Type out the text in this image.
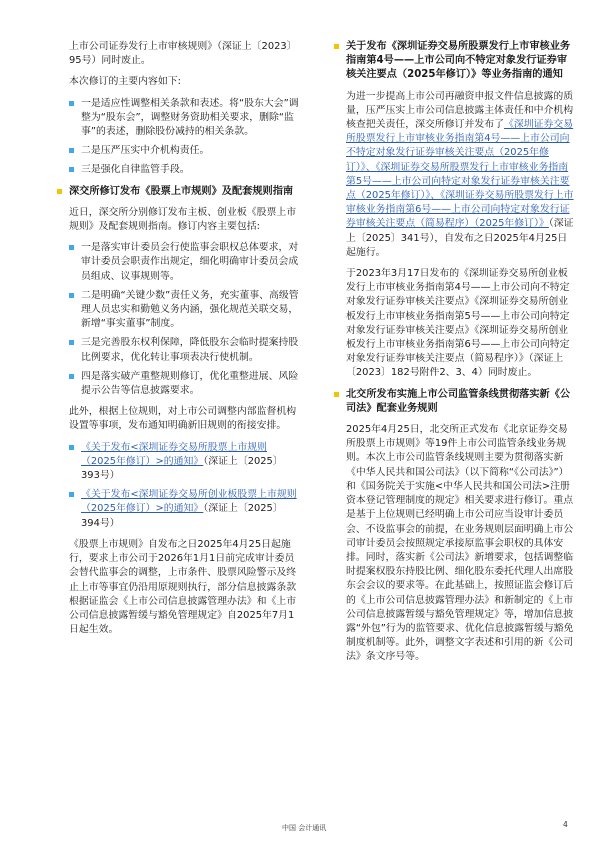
上市公司证券发行上市审核规则》（深证上〔2023〕95号）同时废止。

本次修订的主要内容如下:

一是适应性调整相关条款和表述。将“股东大会”调整为“股东会”，调整财务资助相关要求，删除“监事”的表述，删除股份减持的相关条款。
二是压严压实中介机构责任。
三是强化自律监管手段。
深交所修订发布《股票上市规则》及配套规则指南

近日，深交所分别修订发布主板、创业板《股票上市规则》及配套规则指南。修订内容主要包括:

一是落实审计委员会行使监事会职权总体要求，对审计委员会职责作出规定，细化明确审计委员会成员组成、议事规则等。
二是明确“关键少数”责任义务，充实董事、高级管理人员忠实和勤勉义务内涵，强化规范关联交易，新增“事实董事”制度。
三是完善股东权利保障，降低股东会临时提案持股比例要求，优化转让事项表决行使机制。
四是落实破产重整规则修订，优化重整进展、风险提示公告等信息披露要求。

此外，根据上位规则，对上市公司调整内部监督机构设置等事项，发布通知明确新旧规则的衔接安排。

《关于发布<深圳证券交易所股票上市规则（2025年修订）>的通知》（深证上〔2025〕393号）
《关于发布<深圳证券交易所创业板股票上市规则（2025年修订）>的通知》（深证上〔2025〕394号）

《股票上市规则》自发布之日2025年4月25日起施行，要求上市公司于2026年1月1日前完成审计委员会替代监事会的调整，上市条件、股票风险警示及终止上市等事宜仍沿用原规则执行，部分信息披露条款根据证监会《上市公司信息披露管理办法》和《上市公司信息披露暂缓与豁免管理规定》自2025年7月1日起生效。

关于发布《深圳证券交易所股票发行上市审核业务指南第4号——上市公司向不特定对象发行证券审核关注要点（2025年修订）》等业务指南的通知

为进一步提高上市公司再融资申报文件信息披露的质量，压严压实上市公司信息披露主体责任和中介机构核查把关责任，深交所修订并发布了《深圳证券交易所股票发行上市审核业务指南第4号——上市公司向不特定对象发行证券审核关注要点（2025年修订）》、《深圳证券交易所股票发行上市审核业务指南第5号——上市公司向特定对象发行证券审核关注要点（2025年修订）》、《深圳证券交易所股票发行上市审核业务指南第6号——上市公司向特定对象发行证券审核关注要点（简易程序）（2025年修订）》（深证上〔2025〕341号），自发布之日2025年4月25日起施行。

于2023年3月17日发布的《深圳证券交易所创业板发行上市审核业务指南第4号——上市公司向不特定对象发行证券审核关注要点》《深圳证券交易所创业板发行上市审核业务指南第5号——上市公司向特定对象发行证券审核关注要点》《深圳证券交易所创业板发行上市审核业务指南第6号——上市公司向特定对象发行证券审核关注要点（简易程序）》（深证上〔2023〕182号附件2、3、4）同时废止。

北交所发布实施上市公司监管条线贯彻落实新《公司法》配套业务规则

2025年4月25日，北交所正式发布《北京证券交易所股票上市规则》等19件上市公司监管条线业务规则。本次上市公司监管条线规则主要为贯彻落实新《中华人民共和国公司法》（以下简称“《公司法》”）和《国务院关于实施<中华人民共和国公司法>注册资本登记管理制度的规定》相关要求进行修订。重点是基于上位规则已经明确上市公司应当设审计委员会、不设监事会的前提，在业务规则层面明确上市公司审计委员会按照规定承接原监事会职权的具体安排。同时，落实新《公司法》新增要求，包括调整临时提案权股东持股比例、细化股东委托代理人出席股东会会议的要求等。在此基础上，按照证监会修订后的《上市公司信息披露管理办法》和新制定的《上市公司信息披露暂缓与豁免管理规定》等，增加信息披露“外包”行为的监管要求、优化信息披露暂缓与豁免制度机制等。此外，调整文字表述和引用的新《公司法》条文序号等。

中国 会计通讯	4
